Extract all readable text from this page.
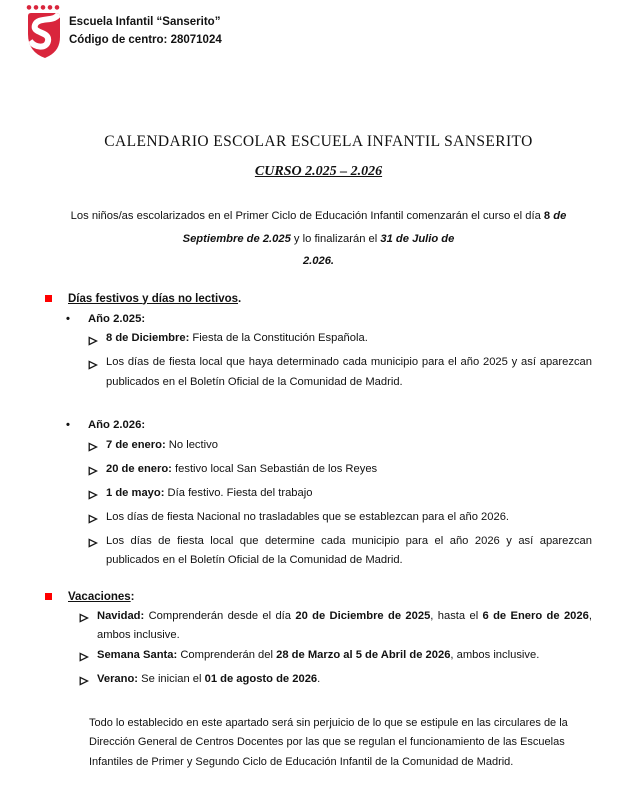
Escuela Infantil “Sanserito”
Código de centro: 28071024
CALENDARIO ESCOLAR ESCUELA INFANTIL SANSERITO
CURSO 2.025 – 2.026
Los niños/as escolarizados en el Primer Ciclo de Educación Infantil comenzarán el curso el día 8 de
Septiembre de 2.025 y lo finalizarán el 31 de Julio de
2.026.
Días festivos y días no lectivos.
•	Año 2.025:
8 de Diciembre: Fiesta de la Constitución Española.
Los días de fiesta local que haya determinado cada municipio para el año 2025 y así aparezcan publicados en el Boletín Oficial de la Comunidad de Madrid.
•	Año 2.026:
7 de enero: No lectivo
20 de enero: festivo local San Sebastián de los Reyes
1 de mayo: Día festivo. Fiesta del trabajo
Los días de fiesta Nacional no trasladables que se establezcan para el año 2026.
Los días de fiesta local que determine cada municipio para el año 2026 y así aparezcan publicados en el Boletín Oficial de la Comunidad de Madrid.
Vacaciones:
Navidad: Comprenderán desde el día 20 de Diciembre de 2025, hasta el 6 de Enero de 2026, ambos inclusive.
Semana Santa: Comprenderán del 28 de Marzo al 5 de Abril de 2026, ambos inclusive.
Verano: Se inician el 01 de agosto de 2026.

Todo lo establecido en este apartado será sin perjuicio de lo que se estipule en las circulares de la Dirección General de Centros Docentes por las que se regulan el funcionamiento de las Escuelas Infantiles de Primer y Segundo Ciclo de Educación Infantil de la Comunidad de Madrid.
